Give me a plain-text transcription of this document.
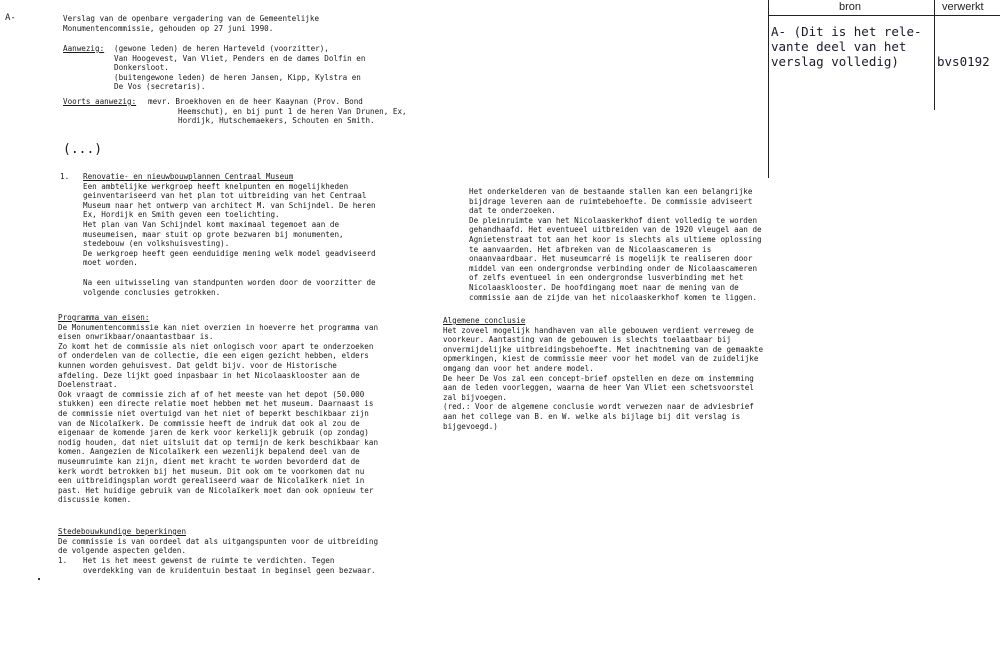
A-	Verslag van de openbare vergadering van de Gemeentelijke
Monumentencommissie, gehouden op 27 juni 1990.
Aanwezig: (gewone leden) de heren Harteveld (voorzitter),
Van Hoogevest, Van Vliet, Penders en de dames Dolfin en
Donkersloot.
(buitengewone leden) de heren Jansen, Kipp, Kylstra en
De Vos (secretaris).
Voorts aanwezig: mevr. Broekhoven en de heer Kaaynan (Prov. Bond
Heemschut), en bij punt 1 de heren Van Drunen, Ex,
Hordijk, Hutschemaekers, Schouten en Smith.
(...)
1. Renovatie- en nieuwbouwplannen Centraal Museum
Een ambtelijke werkgroep heeft knelpunten en mogelijkheden
geinventariseerd van het plan tot uitbreiding van het Centraal
Museum naar het ontwerp van architect M. van Schijndel. De heren
Ex, Hordijk en Smith geven een toelichting.
Het plan van Van Schijndel komt maximaal tegemoet aan de
museumeisen, maar stuit op grote bezwaren bij monumenten,
stedebouw (en volkshuisvesting).
De werkgroep heeft geen eenduidige mening welk model geadviseerd
moet worden.
Na een uitwisseling van standpunten worden door de voorzitter de
volgende conclusies getrokken.
Programma van eisen:
De Monumentencommissie kan niet overzien in hoeverre het programma van
eisen onwrikbaar/onaantastbaar is.
Zo komt het de commissie als niet onlogisch voor apart te onderzoeken
of onderdelen van de collectie, die een eigen gezicht hebben, elders
kunnen worden gehuisvest. Dat geldt bijv. voor de Historische
afdeling. Deze lijkt goed inpasbaar in het Nicolaasklooster aan de
Doelenstraat.
Ook vraagt de commissie zich af of het meeste van het depot (50.000
stukken) een directe relatie moet hebben met het museum. Daarnaast is
de commissie niet overtuigd van het niet of beperkt beschikbaar zijn
van de Nicolaïkerk. De commissie heeft de indruk dat ook al zou de
eigenaar de komende jaren de kerk voor kerkelijk gebruik (op zondag)
nodig houden, dat niet uitsluit dat op termijn de kerk beschikbaar kan
komen. Aangezien de Nicolaïkerk een wezenlijk bepalend deel van de
museumruimte kan zijn, dient met kracht te worden bevorderd dat de
kerk wordt betrokken bij het museum. Dit ook om te voorkomen dat nu
een uitbreidingsplan wordt gerealiseerd waar de Nicolaïkerk niet in
past. Het huidige gebruik van de Nicolaïkerk moet dan ook opnieuw ter
discussie komen.
Stedebouwkundige beperkingen
De commissie is van oordeel dat als uitgangspunten voor de uitbreiding
de volgende aspecten gelden.
1. Het is het meest gewenst de ruimte te verdichten. Tegen
overdekking van de kruidentuin bestaat in beginsel geen bezwaar.
Het onderkelderen van de bestaande stallen kan een belangrijke
bijdrage leveren aan de ruimtebehoefte. De commissie adviseert
dat te onderzoeken.
De pleinruimte van het Nicolaaskerkhof dient volledig te worden
gehandhaafd. Het eventueel uitbreiden van de 1920 vleugel aan de
Agnietenstraat tot aan het koor is slechts als ultieme oplossing
te aanvaarden. Het afbreken van de Nicolaascameren is
onaanvaardbaar. Het museumcarré is mogelijk te realiseren door
middel van een ondergrondse verbinding onder de Nicolaascameren
of zelfs eventueel in een ondergrondse lusverbinding met het
Nicolaasklooster. De hoofdingang moet naar de mening van de
commissie aan de zijde van het nicolaaskerkhof komen te liggen.
Algemene conclusie
Het zoveel mogelijk handhaven van alle gebouwen verdient verreweg de
voorkeur. Aantasting van de gebouwen is slechts toelaatbaar bij
onvermijdelijke uitbreidingsbehoefte. Met inachtneming van de gemaakte
opmerkingen, kiest de commissie meer voor het model van de zuidelijke
omgang dan voor het andere model.
De heer De Vos zal een concept-brief opstellen en deze om instemming
aan de leden voorleggen, waarna de heer Van Vliet een schetsvoorstel
zal bijvoegen.
(red.: Voor de algemene conclusie wordt verwezen naar de adviesbrief
aan het college van B. en W. welke als bijlage bij dit verslag is
bijgevoegd.)
bron	verwerkt
A- (Dit is het rele-
vante deel van het
verslag volledig)	bvs0192
